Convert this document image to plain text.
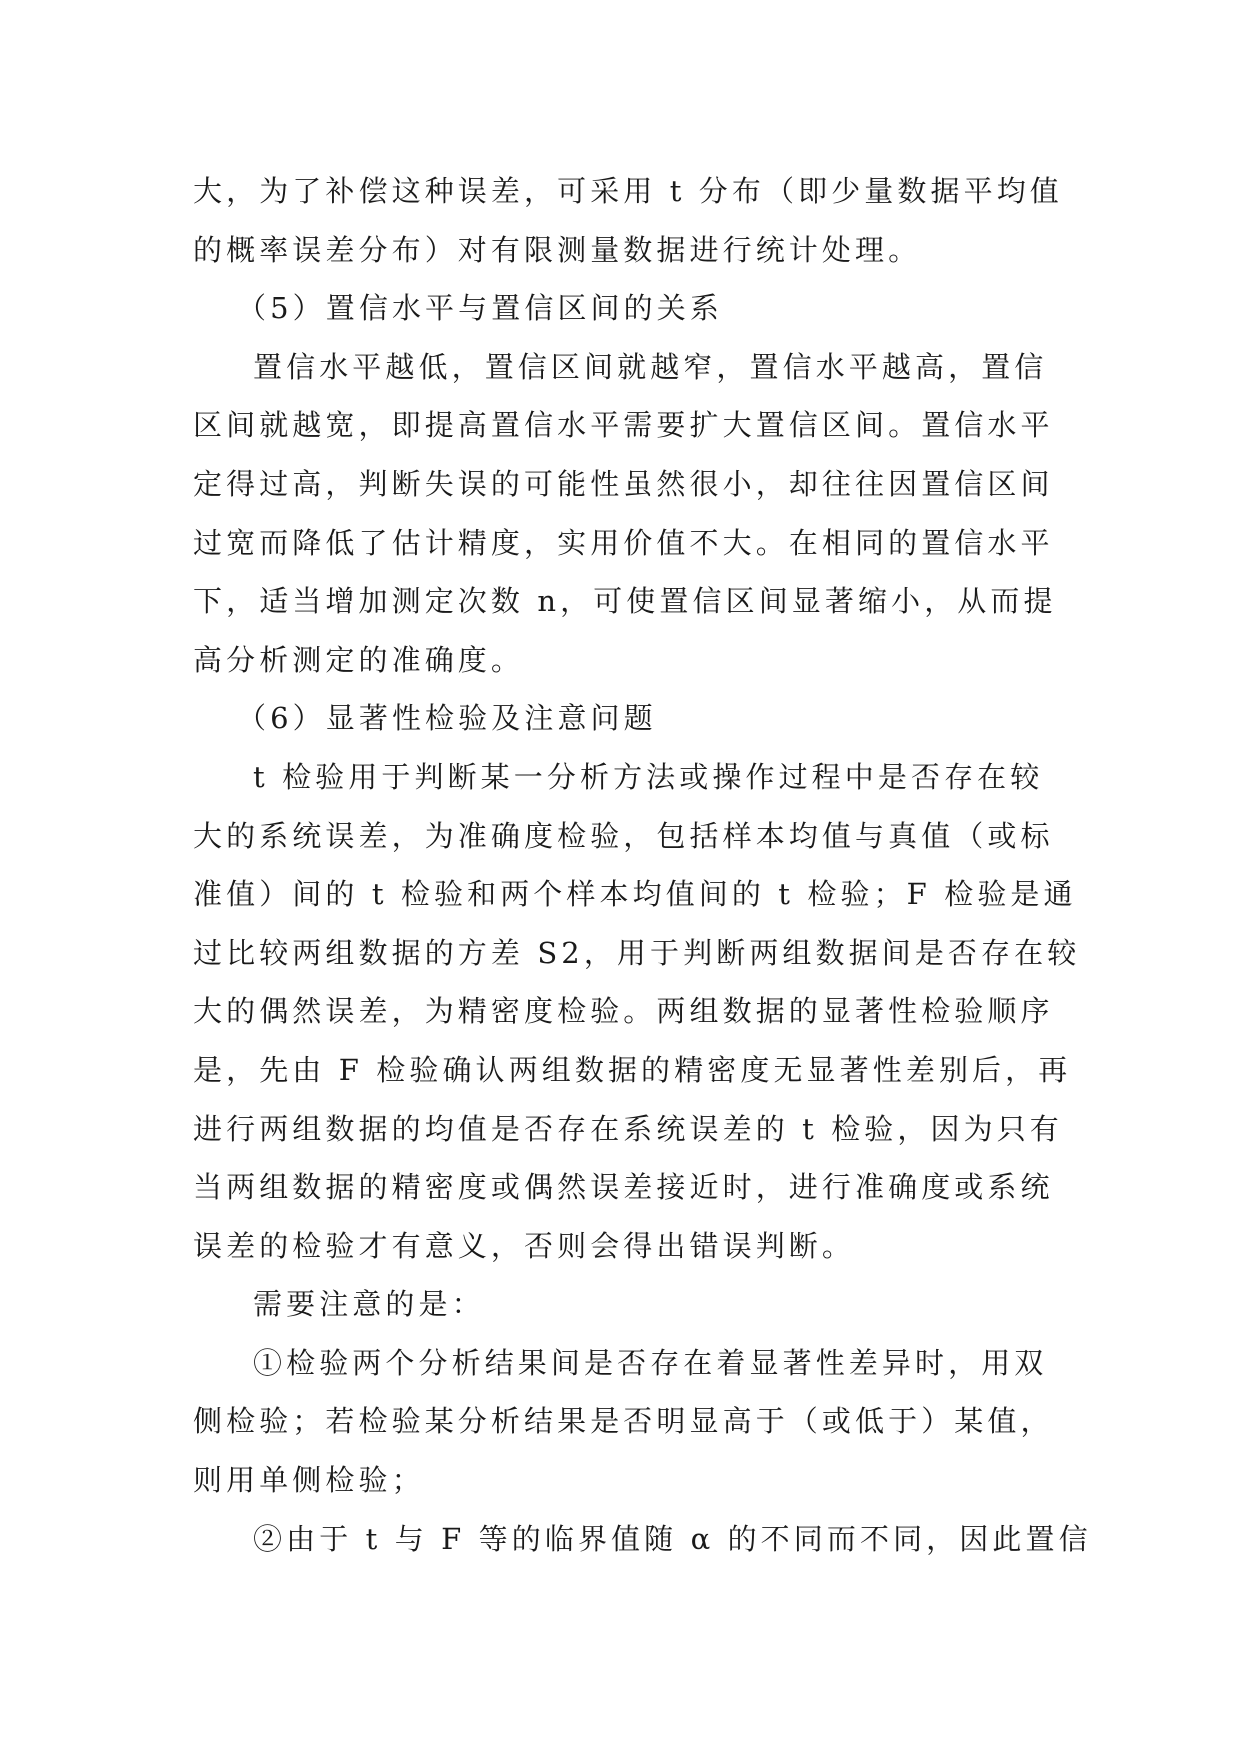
大，为了补偿这种误差，可采用 t 分布（即少量数据平均值
的概率误差分布）对有限测量数据进行统计处理。
（5）置信水平与置信区间的关系
置信水平越低，置信区间就越窄，置信水平越高，置信
区间就越宽，即提高置信水平需要扩大置信区间。置信水平
定得过高，判断失误的可能性虽然很小，却往往因置信区间
过宽而降低了估计精度，实用价值不大。在相同的置信水平
下，适当增加测定次数 n，可使置信区间显著缩小，从而提
高分析测定的准确度。
（6）显著性检验及注意问题
t 检验用于判断某一分析方法或操作过程中是否存在较
大的系统误差，为准确度检验，包括样本均值与真值（或标
准值）间的 t 检验和两个样本均值间的 t 检验；F 检验是通
过比较两组数据的方差 S2，用于判断两组数据间是否存在较
大的偶然误差，为精密度检验。两组数据的显著性检验顺序
是，先由 F 检验确认两组数据的精密度无显著性差别后，再
进行两组数据的均值是否存在系统误差的 t 检验，因为只有
当两组数据的精密度或偶然误差接近时，进行准确度或系统
误差的检验才有意义，否则会得出错误判断。
需要注意的是：
①检验两个分析结果间是否存在着显著性差异时，用双
侧检验；若检验某分析结果是否明显高于（或低于）某值，
则用单侧检验；
②由于 t 与 F 等的临界值随 α 的不同而不同，因此置信
